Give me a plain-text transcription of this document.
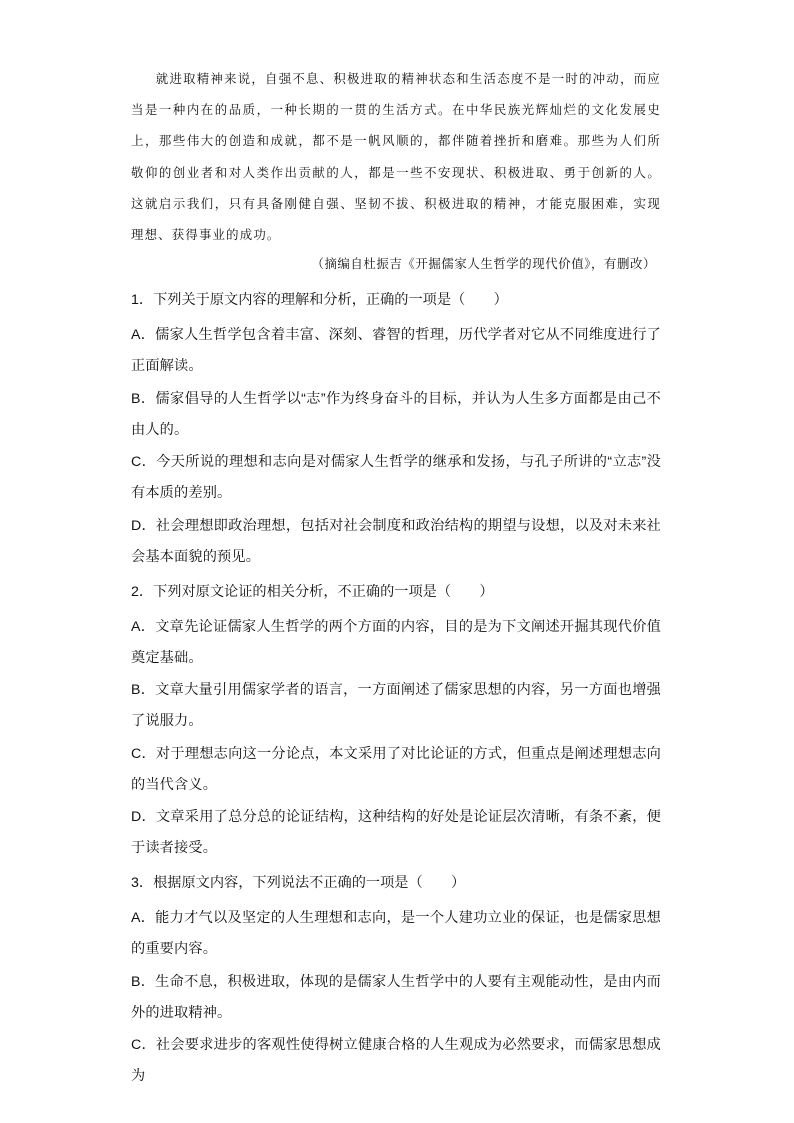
就进取精神来说，自强不息、积极进取的精神状态和生活态度不是一时的冲动，而应当是一种内在的品质，一种长期的一贯的生活方式。在中华民族光辉灿烂的文化发展史上，那些伟大的创造和成就，都不是一帆风顺的，都伴随着挫折和磨难。那些为人们所敬仰的创业者和对人类作出贡献的人，都是一些不安现状、积极进取、勇于创新的人。这就启示我们，只有具备刚健自强、坚韧不拔、积极进取的精神，才能克服困难，实现理想、获得事业的成功。

（摘编自杜振吉《开掘儒家人生哲学的现代价值》，有删改）

1．下列关于原文内容的理解和分析，正确的一项是（　　）

A．儒家人生哲学包含着丰富、深刻、睿智的哲理，历代学者对它从不同维度进行了正面解读。

B．儒家倡导的人生哲学以“志”作为终身奋斗的目标，并认为人生多方面都是由己不由人的。

C．今天所说的理想和志向是对儒家人生哲学的继承和发扬，与孔子所讲的“立志”没有本质的差别。

D．社会理想即政治理想，包括对社会制度和政治结构的期望与设想，以及对未来社会基本面貌的预见。

2．下列对原文论证的相关分析，不正确的一项是（　　）

A．文章先论证儒家人生哲学的两个方面的内容，目的是为下文阐述开掘其现代价值奠定基础。

B．文章大量引用儒家学者的语言，一方面阐述了儒家思想的内容，另一方面也增强了说服力。

C．对于理想志向这一分论点，本文采用了对比论证的方式，但重点是阐述理想志向的当代含义。

D．文章采用了总分总的论证结构，这种结构的好处是论证层次清晰，有条不紊，便于读者接受。

3．根据原文内容，下列说法不正确的一项是（　　）

A．能力才气以及坚定的人生理想和志向，是一个人建功立业的保证，也是儒家思想的重要内容。

B．生命不息，积极进取，体现的是儒家人生哲学中的人要有主观能动性，是由内而外的进取精神。

C．社会要求进步的客观性使得树立健康合格的人生观成为必然要求，而儒家思想成为
